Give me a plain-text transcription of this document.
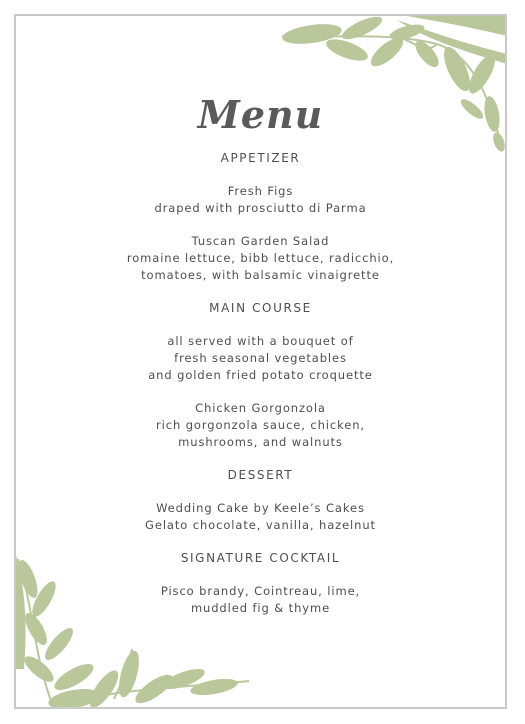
Menu

APPETIZER

Fresh Figs
draped with prosciutto di Parma
Tuscan Garden Salad
romaine lettuce, bibb lettuce, radicchio,
tomatoes, with balsamic vinaigrette

MAIN COURSE

all served with a bouquet of
fresh seasonal vegetables
and golden fried potato croquette
Chicken Gorgonzola
rich gorgonzola sauce, chicken,
mushrooms, and walnuts

DESSERT

Wedding Cake by Keele’s Cakes
Gelato chocolate, vanilla, hazelnut

SIGNATURE COCKTAIL

Pisco brandy, Cointreau, lime,
muddled fig & thyme
